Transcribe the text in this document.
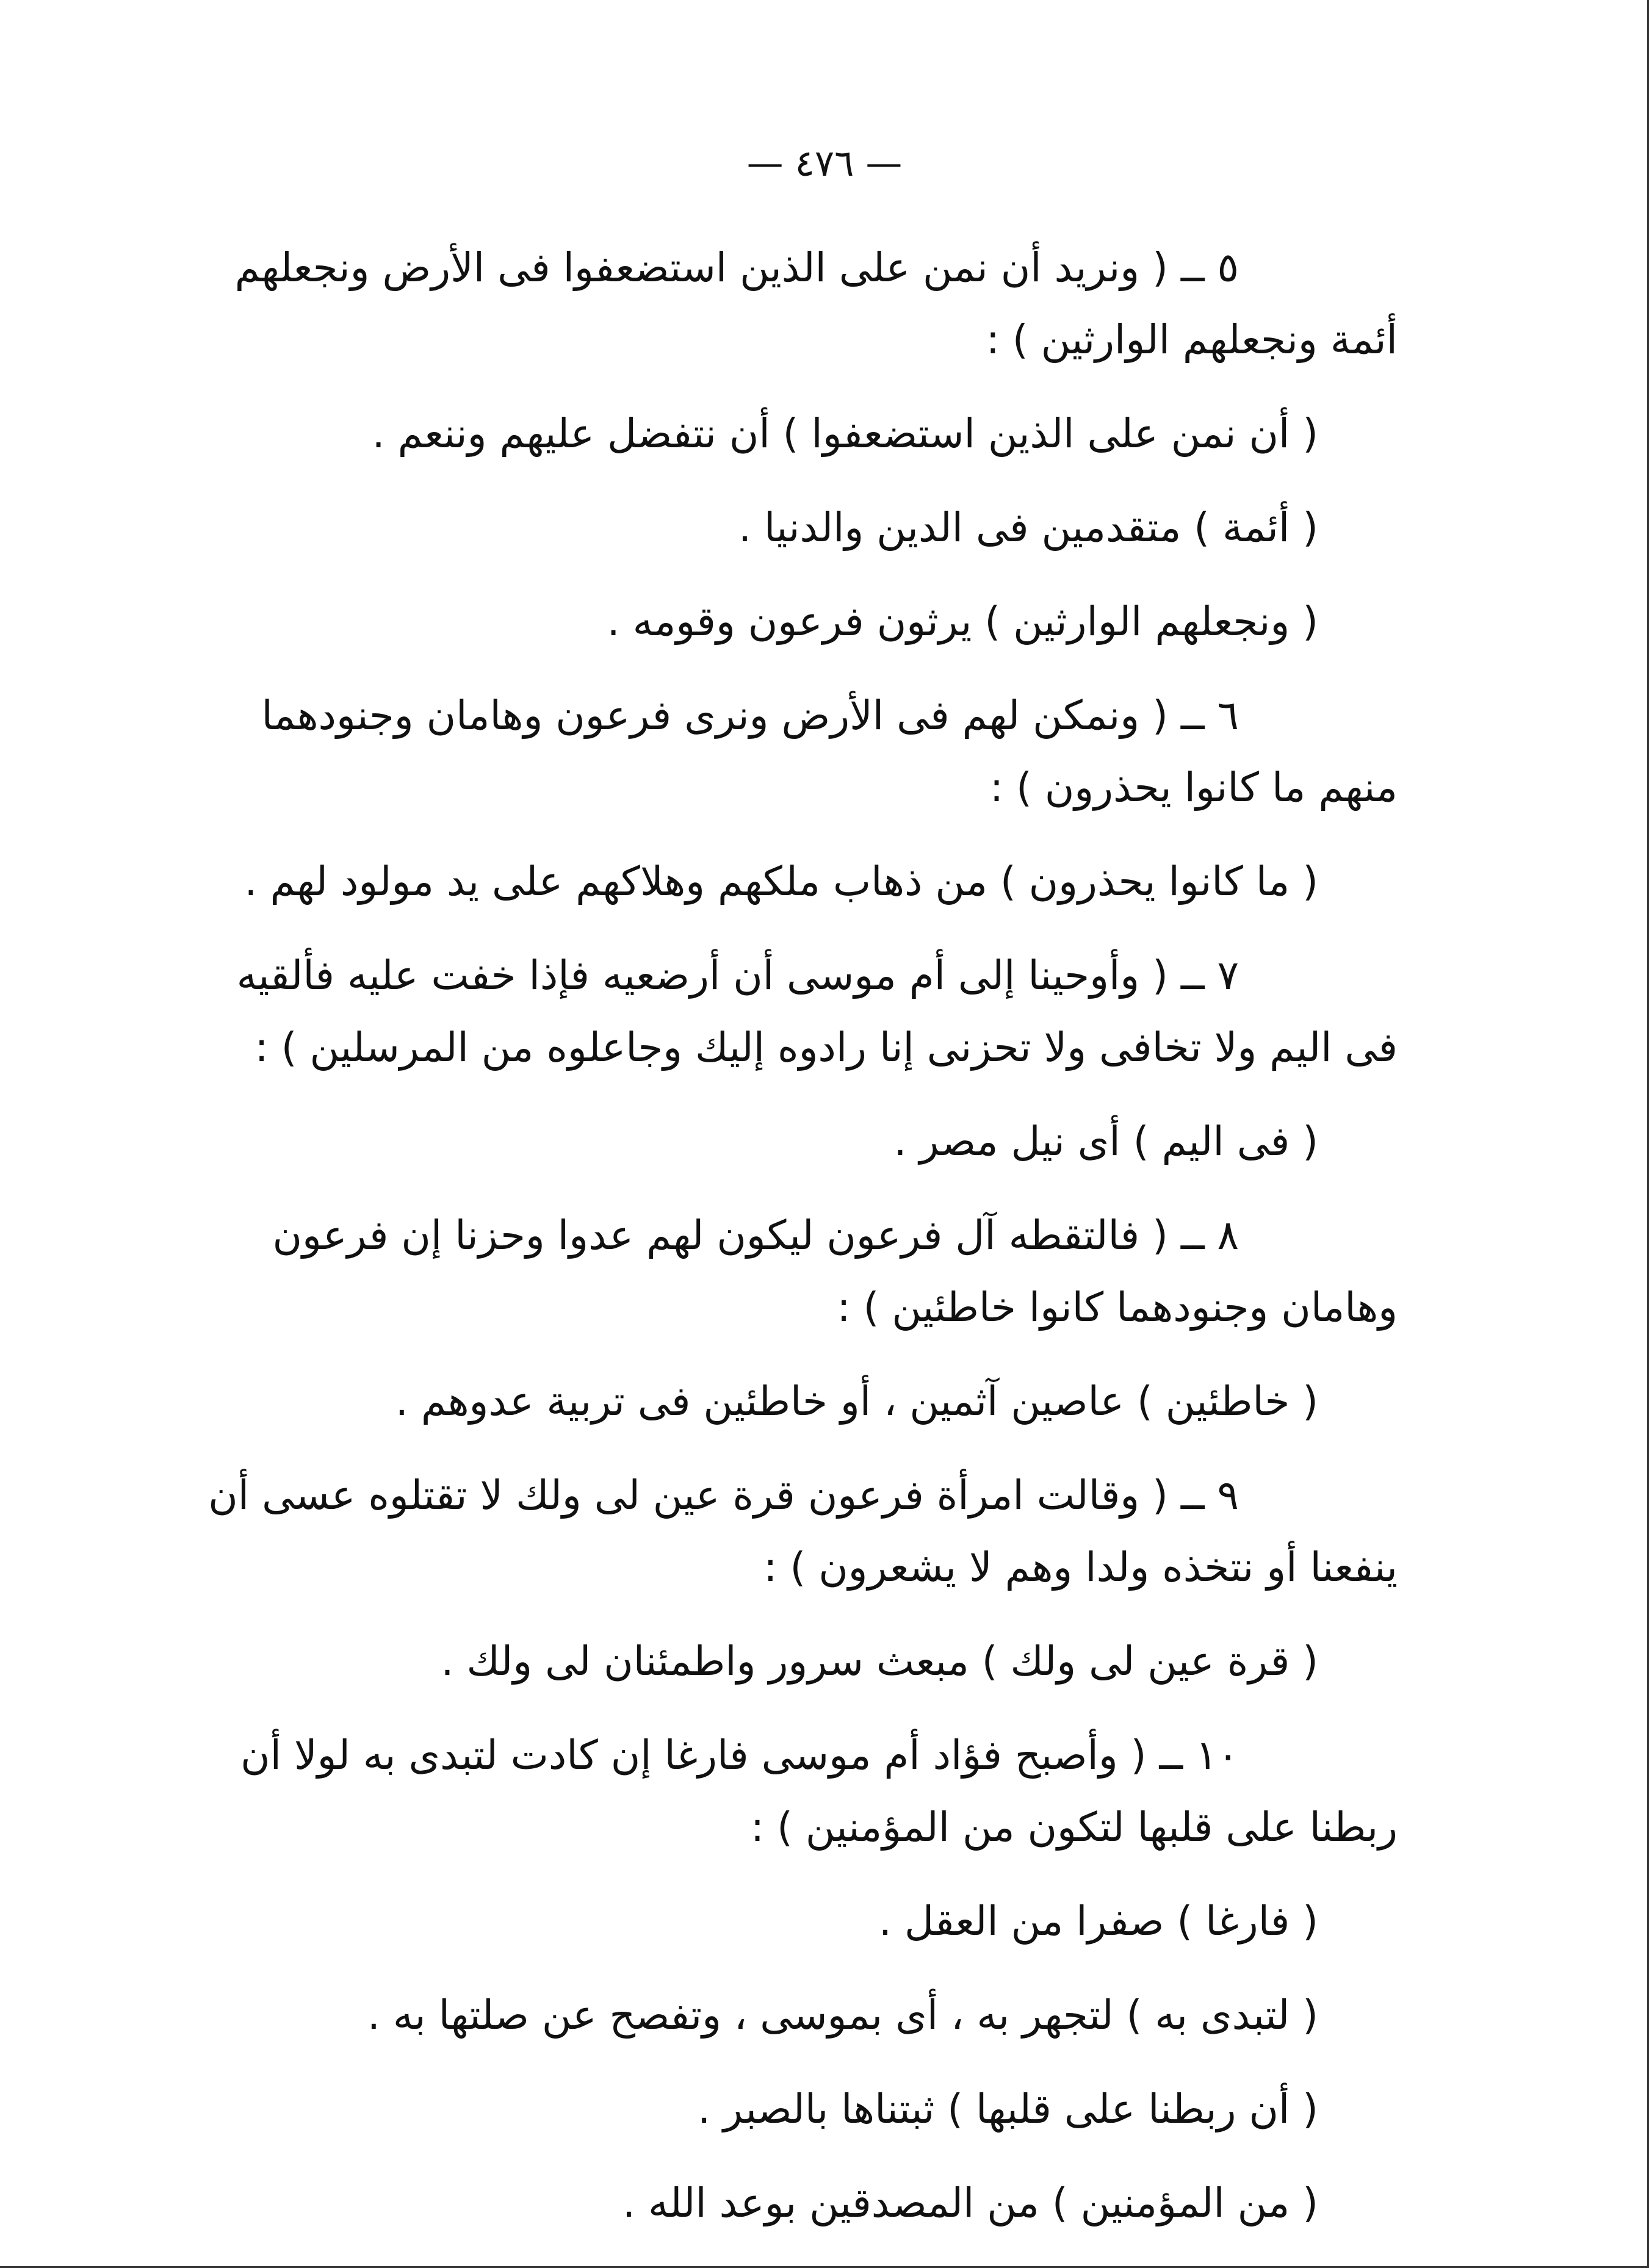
— ٤٧٦ —

٥ ــ ( ونريد أن نمن على الذين استضعفوا فى الأرض ونجعلهم أئمة ونجعلهم الوارثين ) :

( أن نمن على الذين استضعفوا ) أن نتفضل عليهم وننعم .

( أئمة ) متقدمين فى الدين والدنيا .

( ونجعلهم الوارثين ) يرثون فرعون وقومه .

٦ ــ ( ونمكن لهم فى الأرض ونرى فرعون وهامان وجنودهما منهم ما كانوا يحذرون ) :

( ما كانوا يحذرون ) من ذهاب ملكهم وهلاكهم على يد مولود لهم .

٧ ــ ( وأوحينا إلى أم موسى أن أرضعيه فإذا خفت عليه فألقيه فى اليم ولا تخافى ولا تحزنى إنا رادوه إليك وجاعلوه من المرسلين ) :

( فى اليم ) أى نيل مصر .

٨ ــ ( فالتقطه آل فرعون ليكون لهم عدوا وحزنا إن فرعون وهامان وجنودهما كانوا خاطئين ) :

( خاطئين ) عاصين آثمين ، أو خاطئين فى تربية عدوهم .

٩ ــ ( وقالت امرأة فرعون قرة عين لى ولك لا تقتلوه عسى أن ينفعنا أو نتخذه ولدا وهم لا يشعرون ) :

( قرة عين لى ولك ) مبعث سرور واطمئنان لى ولك .

١٠ ــ ( وأصبح فؤاد أم موسى فارغا إن كادت لتبدى به لولا أن ربطنا على قلبها لتكون من المؤمنين ) :

( فارغا ) صفرا من العقل .

( لتبدى به ) لتجهر به ، أى بموسى ، وتفصح عن صلتها به .

( أن ربطنا على قلبها ) ثبتناها بالصبر .

( من المؤمنين ) من المصدقين بوعد الله .
